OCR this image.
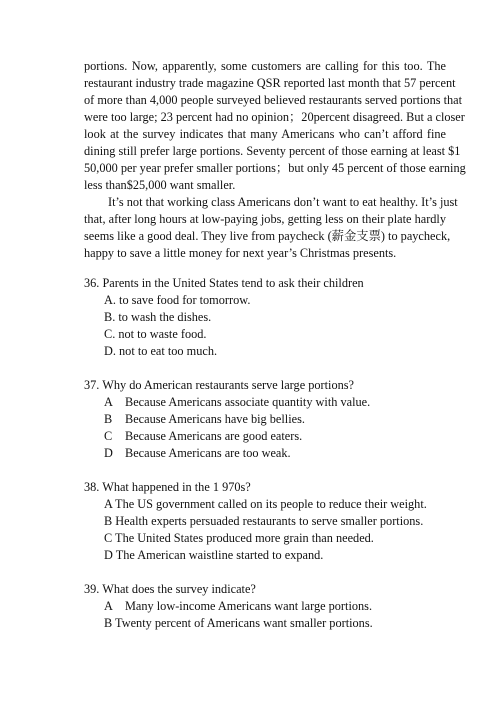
portions. Now, apparently, some customers are calling for this too. The
restaurant industry trade magazine QSR reported last month that 57 percent
of more than 4,000 people surveyed believed restaurants served portions that
were too large; 23 percent had no opinion；20percent disagreed. But a closer
look at the survey indicates that many Americans who can’t afford fine
dining still prefer large portions. Seventy percent of those earning at least $1
50,000 per year prefer smaller portions；but only 45 percent of those earning
less than$25,000 want smaller.
It’s not that working class Americans don’t want to eat healthy. It’s just
that, after long hours at low-paying jobs, getting less on their plate hardly
seems like a good deal. They live from paycheck (薪金支票) to paycheck,
happy to save a little money for next year’s Christmas presents.
36. Parents in the United States tend to ask their children
A. to save food for tomorrow.
B. to wash the dishes.
C. not to waste food.
D. not to eat too much.
37. Why do American restaurants serve large portions?
A Because Americans associate quantity with value.
B Because Americans have big bellies.
C Because Americans are good eaters.
D Because Americans are too weak.
38. What happened in the 1 970s?
A The US government called on its people to reduce their weight.
B Health experts persuaded restaurants to serve smaller portions.
C The United States produced more grain than needed.
D The American waistline started to expand.
39. What does the survey indicate?
A Many low-income Americans want large portions.
B Twenty percent of Americans want smaller portions.
